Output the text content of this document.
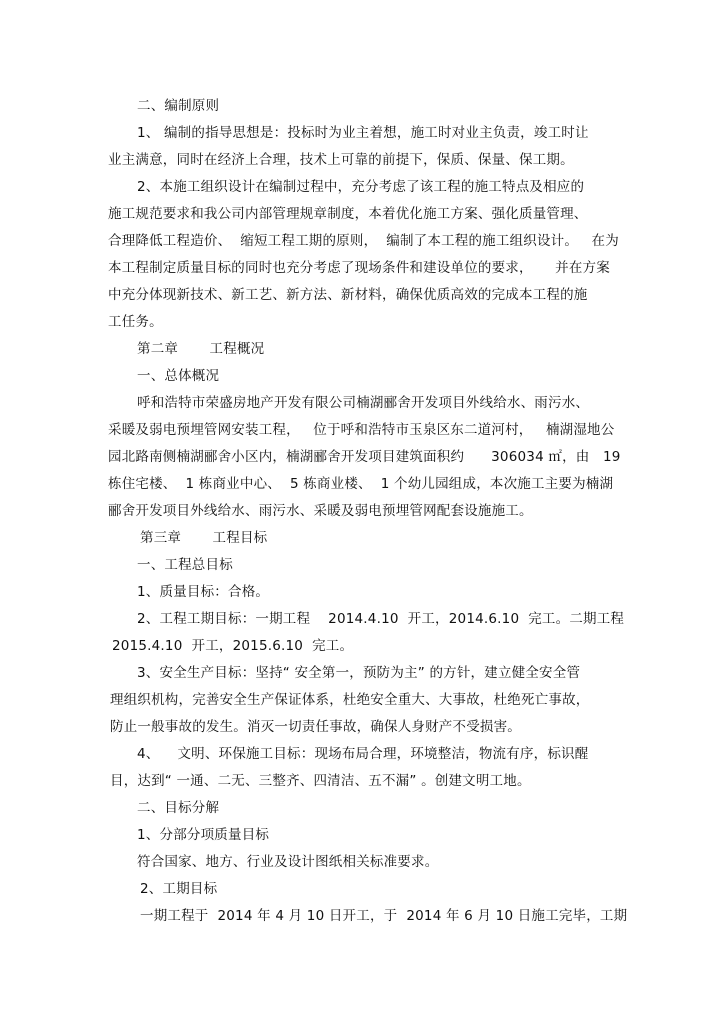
二、编制原则
1、 编制的指导思想是：投标时为业主着想，施工时对业主负责，竣工时让
业主满意，同时在经济上合理，技术上可靠的前提下，保质、保量、保工期。
2、本施工组织设计在编制过程中，充分考虑了该工程的施工特点及相应的
施工规范要求和我公司内部管理规章制度，本着优化施工方案、强化质量管理、
合理降低工程造价、  缩短工程工期的原则，  编制了本工程的施工组织设计。   在为
本工程制定质量目标的同时也充分考虑了现场条件和建设单位的要求，     并在方案
中充分体现新技术、新工艺、新方法、新材料，确保优质高效的完成本工程的施
工任务。
第二章       工程概况
一、总体概况
呼和浩特市荣盛房地产开发有限公司楠湖郦舍开发项目外线给水、雨污水、
采暖及弱电预埋管网安装工程，   位于呼和浩特市玉泉区东二道河村，   楠湖湿地公
园北路南侧楠湖郦舍小区内，楠湖郦舍开发项目建筑面积约      306034 ㎡，由   19
栋住宅楼、  1 栋商业中心、  5 栋商业楼、  1 个幼儿园组成，本次施工主要为楠湖
郦舍开发项目外线给水、雨污水、采暖及弱电预埋管网配套设施施工。
第三章       工程目标
一、工程总目标
1、质量目标：合格。
2、工程工期目标：一期工程    2014.4.10  开工，2014.6.10  完工。二期工程
2015.4.10  开工，2015.6.10  完工。
3、安全生产目标：坚持“ 安全第一，预防为主” 的方针，建立健全安全管
理组织机构，完善安全生产保证体系，杜绝安全重大、大事故，杜绝死亡事故，
防止一般事故的发生。消灭一切责任事故，确保人身财产不受损害。
4、    文明、环保施工目标：现场布局合理，环境整洁，物流有序，标识醒
目，达到“ 一通、二无、三整齐、四清洁、五不漏” 。创建文明工地。
二、目标分解
1、分部分项质量目标
符合国家、地方、行业及设计图纸相关标准要求。
2、工期目标
一期工程于  2014 年 4 月 10 日开工，于  2014 年 6 月 10 日施工完毕，工期
